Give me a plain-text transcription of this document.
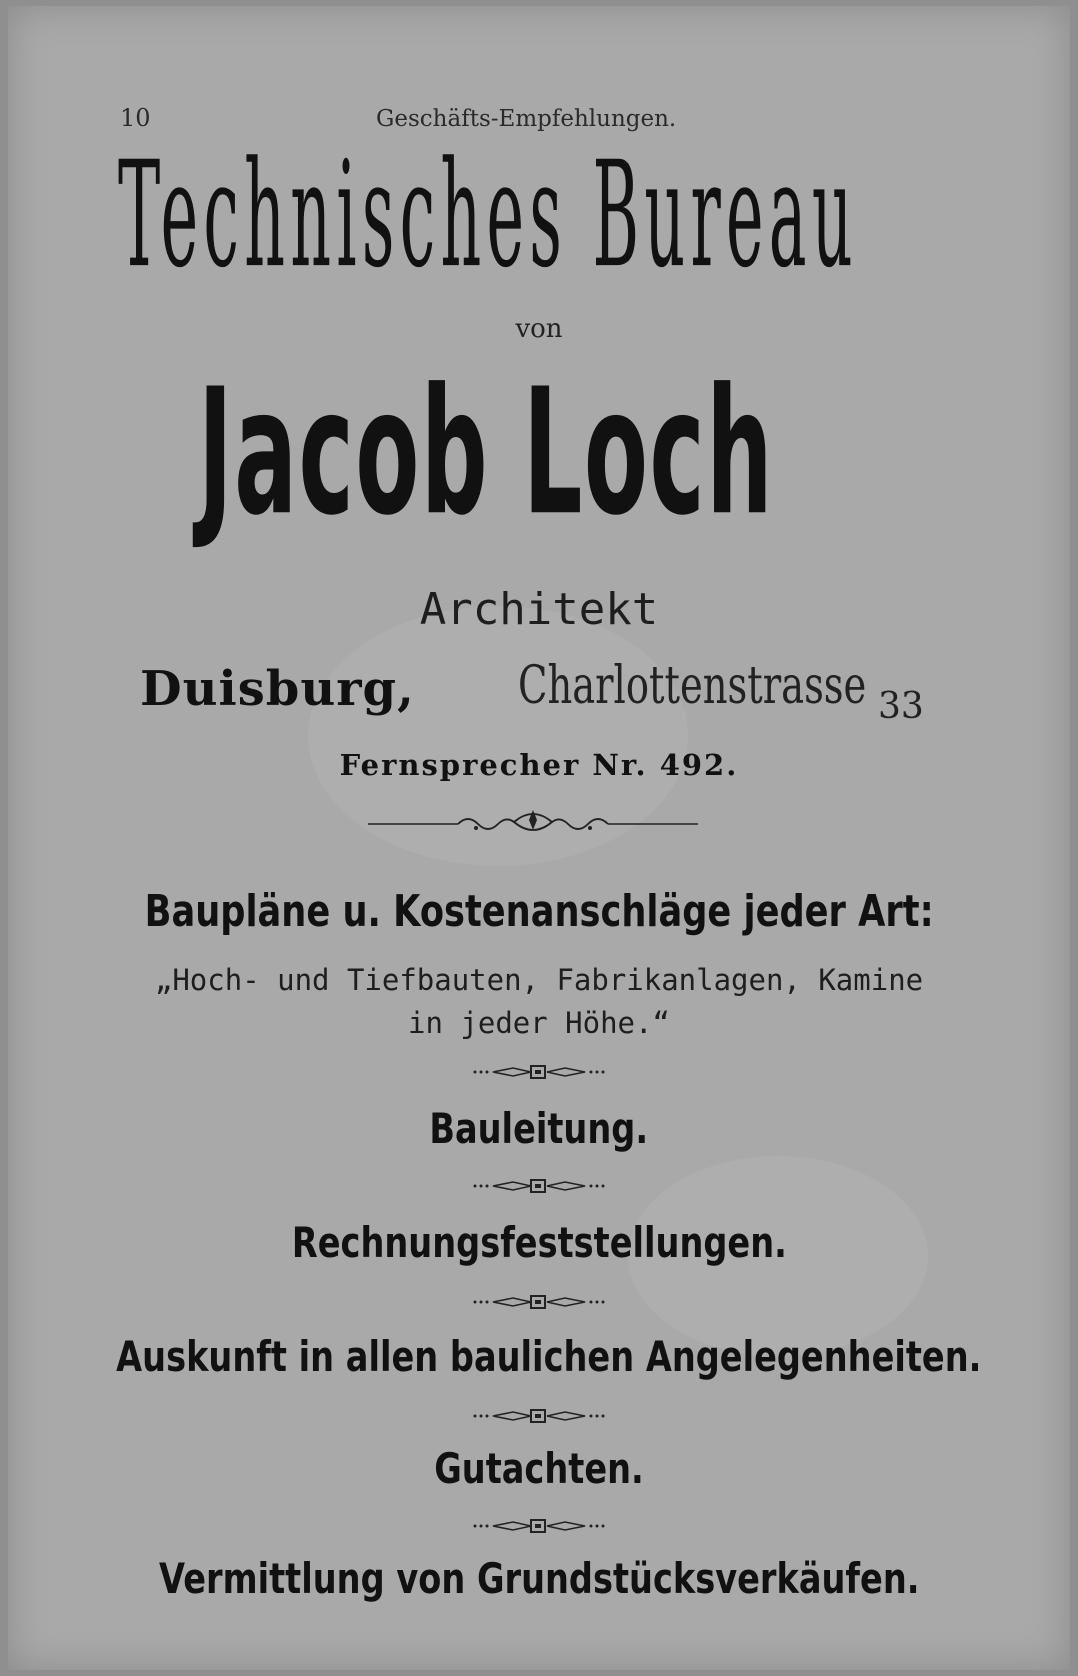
10	Geschäfts-Empfehlungen.
Technisches Bureau
von
Jacob Loch
Architekt
Duisburg, Charlottenstrasse 33
Fernsprecher Nr. 492.
Baupläne u. Kostenanschläge jeder Art:
„Hoch- und Tiefbauten, Fabrikanlagen, Kamine
in jeder Höhe.“
Bauleitung.
Rechnungsfeststellungen.
Auskunft in allen baulichen Angelegenheiten.
Gutachten.
Vermittlung von Grundstücksverkäufen.
